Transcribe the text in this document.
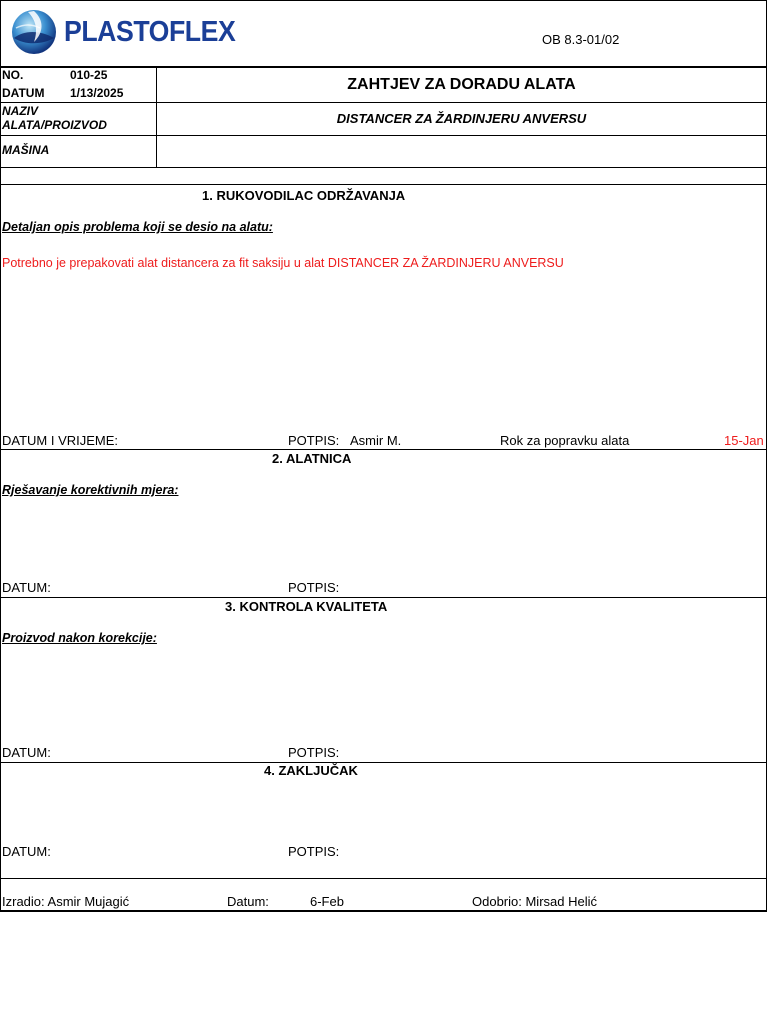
PLASTOFLEX	OB 8.3-01/02
NO.	010-25
DATUM 1/13/2025	ZAHTJEV ZA DORADU ALATA
NAZIV
ALATA/PROIZVOD	DISTANCER ZA ŽARDINJERU ANVERSU
MAŠINA
1. RUKOVODILAC ODRŽAVANJA
Detaljan opis problema koji se desio na alatu:
Potrebno je prepakovati alat distancera za fit saksiju u alat DISTANCER ZA ŽARDINJERU ANVERSU
DATUM I VRIJEME:	POTPIS: Asmir M.	Rok za popravku alata	15-Jan
2. ALATNICA
Rješavanje korektivnih mjera:
DATUM:	POTPIS:
3. KONTROLA KVALITETA
Proizvod nakon korekcije:
DATUM:	POTPIS:
4. ZAKLJUČAK
DATUM:	POTPIS:
Izradio: Asmir Mujagić	Datum:	6-Feb	Odobrio: Mirsad Helić
